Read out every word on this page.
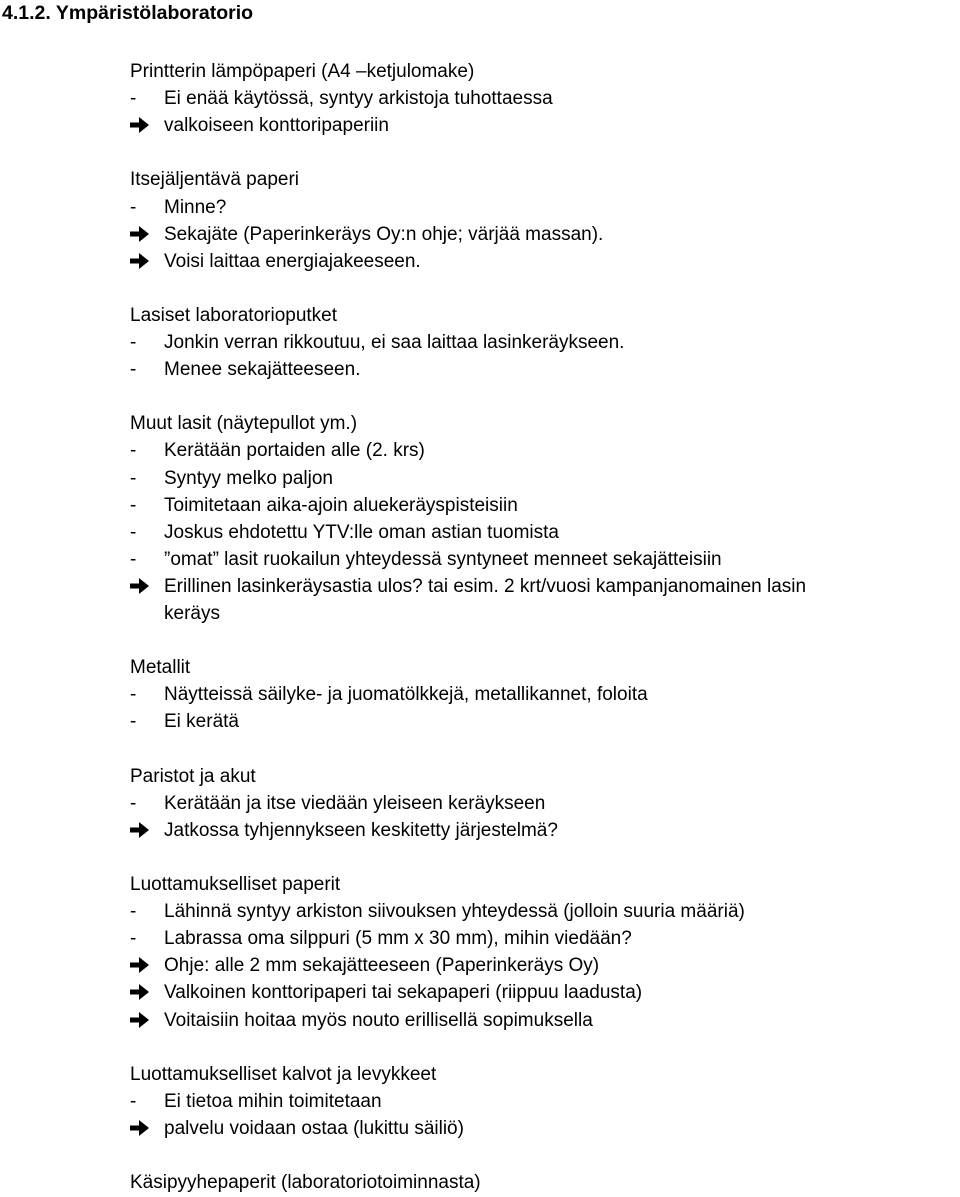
4.1.2. Ympäristölaboratorio
Printterin lämpöpaperi (A4 –ketjulomake)
-	Ei enää käytössä, syntyy arkistoja tuhottaessa
valkoiseen konttoripaperiin
Itsejäljentävä paperi
-	Minne?
Sekajäte (Paperinkeräys Oy:n ohje; värjää massan).
Voisi laittaa energiajakeeseen.
Lasiset laboratorioputket
-	Jonkin verran rikkoutuu, ei saa laittaa lasinkeräykseen.
-	Menee sekajätteeseen.
Muut lasit (näytepullot ym.)
-	Kerätään portaiden alle (2. krs)
-	Syntyy melko paljon
-	Toimitetaan aika-ajoin aluekeräyspisteisiin
-	Joskus ehdotettu YTV:lle oman astian tuomista
-	”omat” lasit ruokailun yhteydessä syntyneet menneet sekajätteisiin
Erillinen lasinkeräysastia ulos? tai esim. 2 krt/vuosi kampanjanomainen lasin
keräys
Metallit
-	Näytteissä säilyke- ja juomatölkkejä, metallikannet, foloita
-	Ei kerätä
Paristot ja akut
-	Kerätään ja itse viedään yleiseen keräykseen
Jatkossa tyhjennykseen keskitetty järjestelmä?
Luottamukselliset paperit
-	Lähinnä syntyy arkiston siivouksen yhteydessä (jolloin suuria määriä)
-	Labrassa oma silppuri (5 mm x 30 mm), mihin viedään?
Ohje: alle 2 mm sekajätteeseen (Paperinkeräys Oy)
Valkoinen konttoripaperi tai sekapaperi (riippuu laadusta)
Voitaisiin hoitaa myös nouto erillisellä sopimuksella
Luottamukselliset kalvot ja levykkeet
-	Ei tietoa mihin toimitetaan
palvelu voidaan ostaa (lukittu säiliö)
Käsipyyhepaperit (laboratoriotoiminnasta)
